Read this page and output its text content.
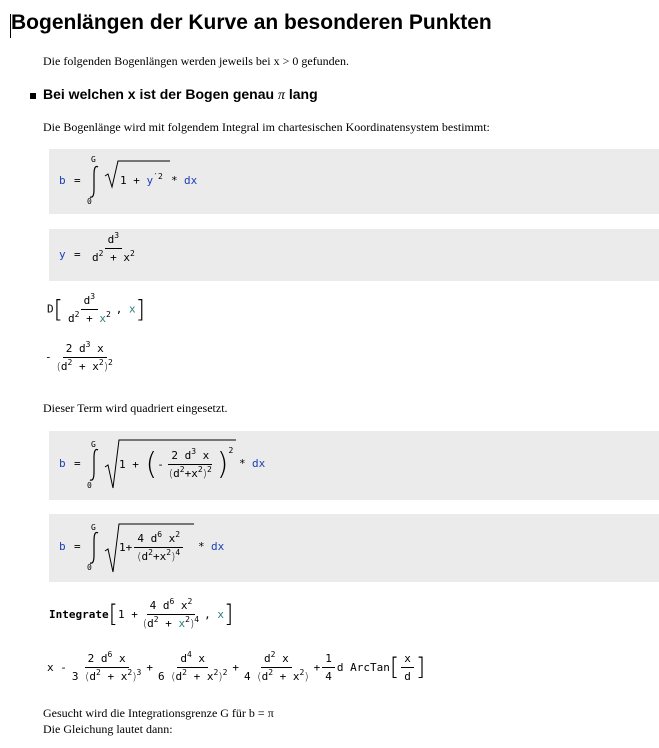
Bogenlängen der Kurve an besonderen Punkten
Die folgenden Bogenlängen werden jeweils bei x > 0 gefunden.
Bei welchen x ist der Bogen genau π lang
Die Bogenlänge wird mit folgendem Integral im chartesischen Koordinatensystem bestimmt:
b =
G
0
$1 + y^{'2}$ * dx
$y = \frac{d^3}{d^2 + x^2}$
$D[ \frac{d^3}{d^2 + x^2}$ , x]
- $\frac{2 d^3 x}{(d^2 + x^2)^2}$
Dieser Term wird quadriert eingesetzt.
b =
G
0
1
+
( -
2 $d^3$ x
$(d^2+x^2)^2$ ) 2
* dx
b =
G
0
$1 + \frac{4 d^6 x^2}{(d^2+x^2)^4}$ * dx
Integrate [ 1
+ $\frac{4 d^6 x^2}{(d^2 + x^2)^4}$ ,
x ]
x
-
2 $d^6$ x
3 $(d^2 + x^2)^3 + \frac{d^4 x}{6 (d^2 + x^2)^2} + \frac{d^2 x}{4 (d^2 + x^2)} + \frac{1}{4}$ d
ArcTan [ x
d ]
Gesucht wird die Integrationsgrenze G für b = π
Die Gleichung lautet dann:
